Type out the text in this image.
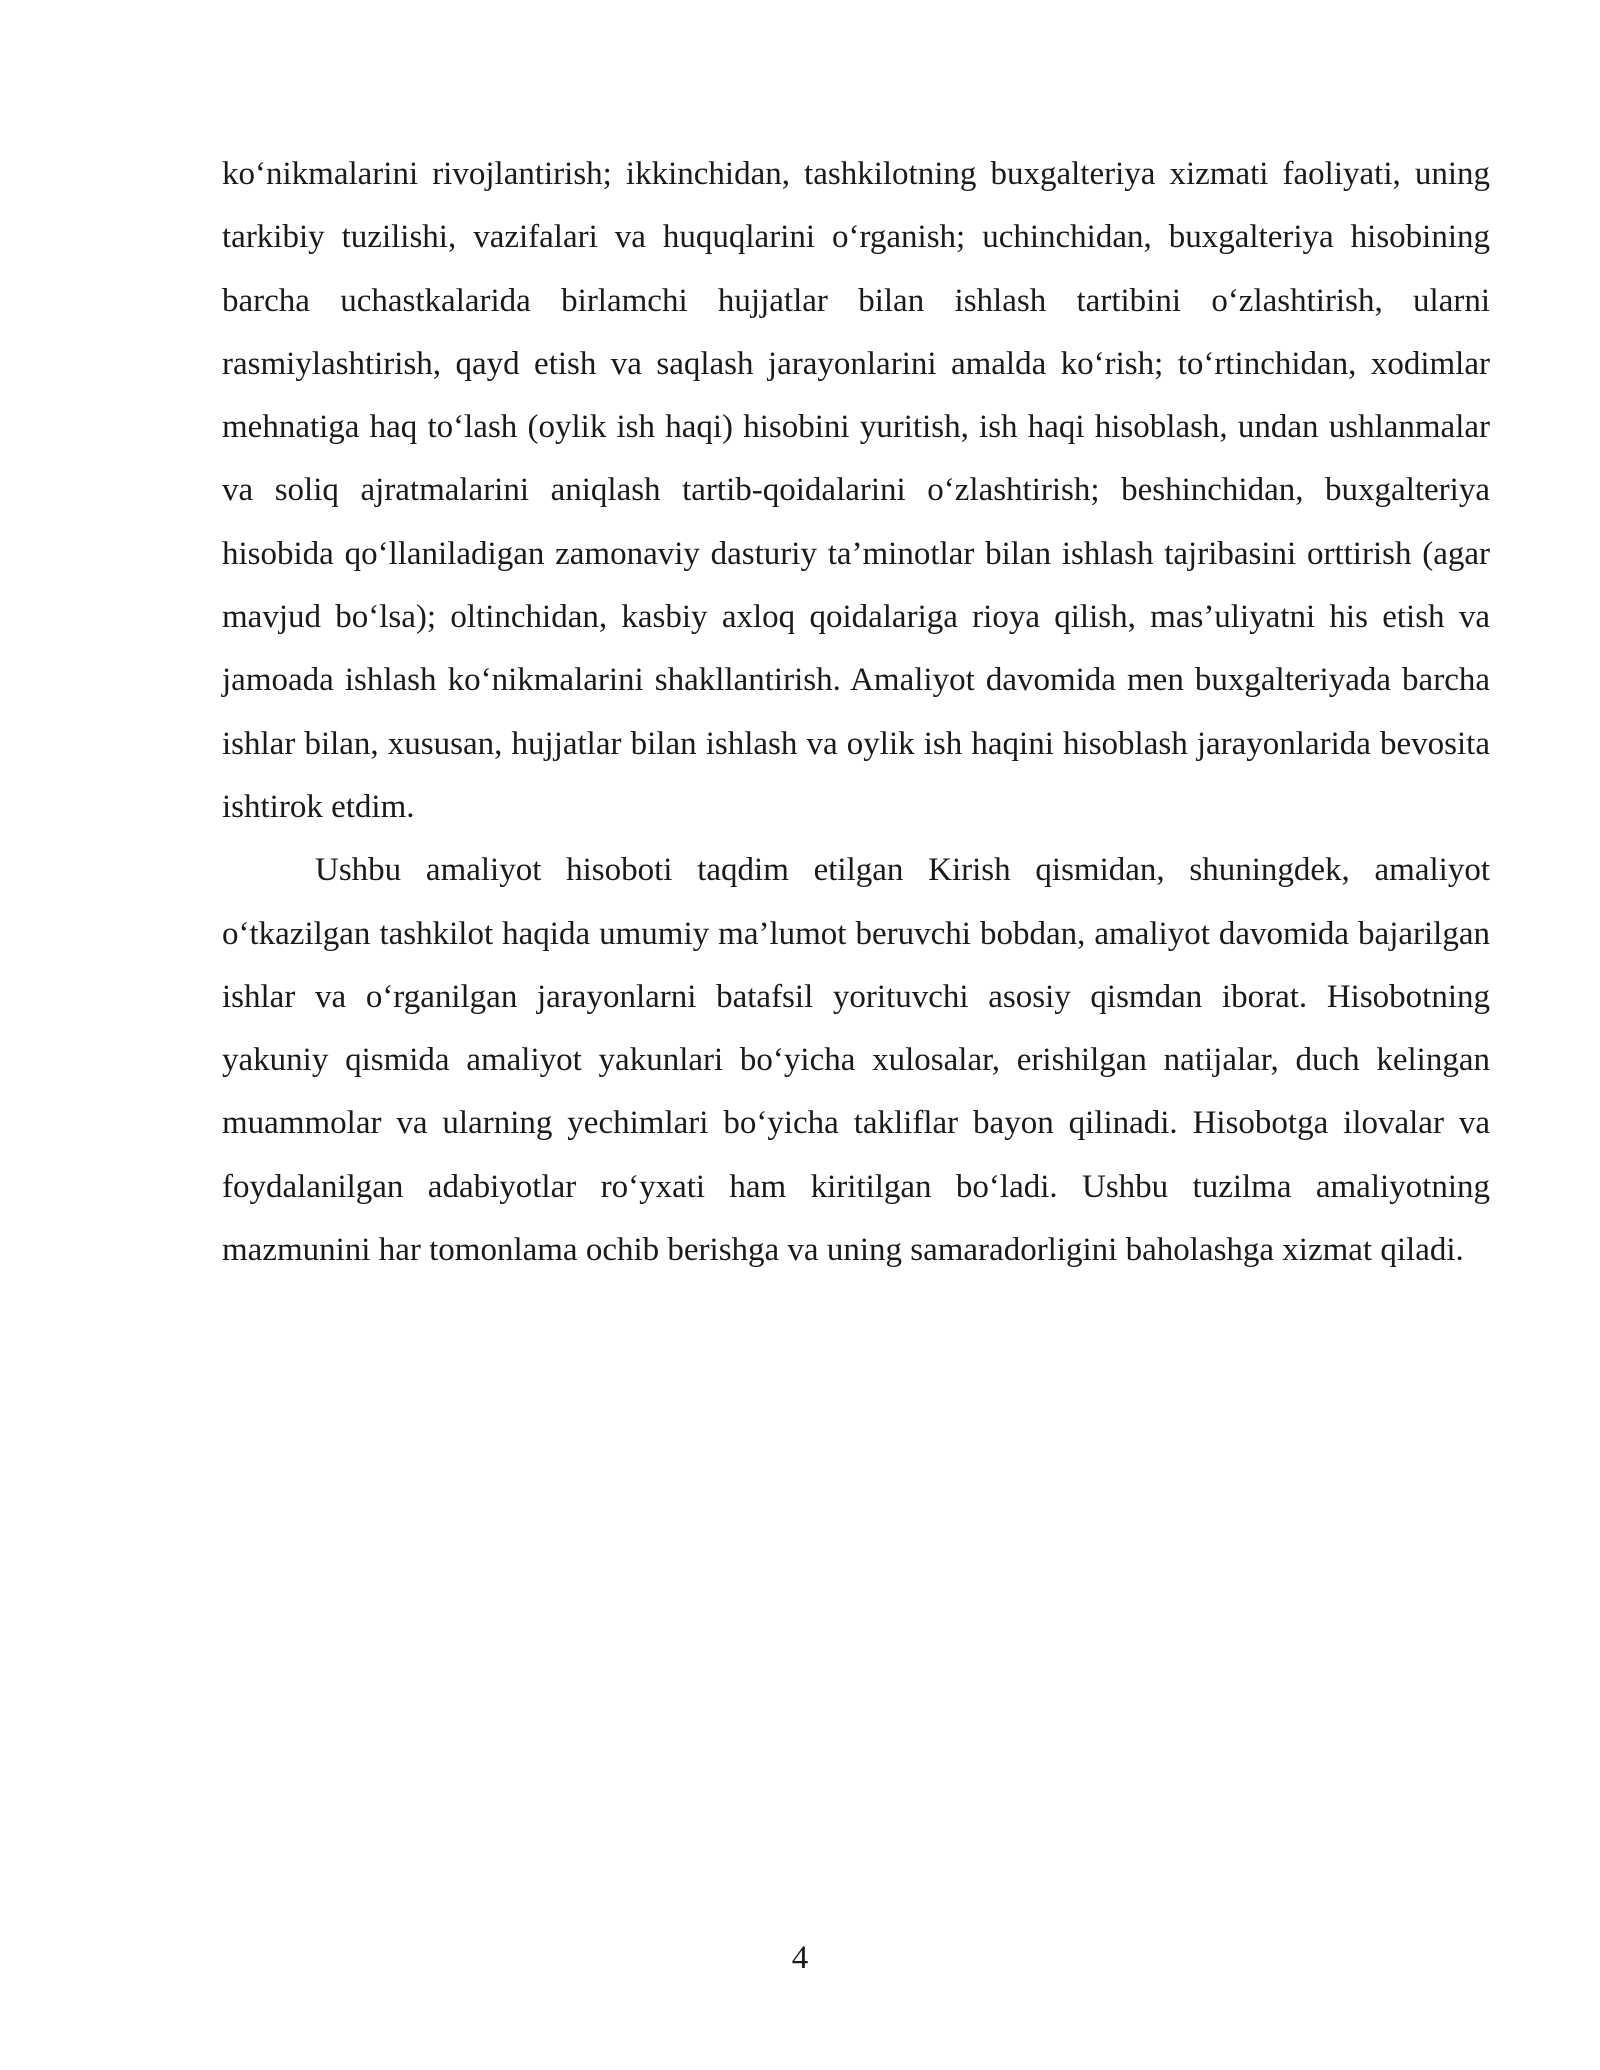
ko‘nikmalarini rivojlantirish; ikkinchidan, tashkilotning buxgalteriya xizmati faoliyati, uning tarkibiy tuzilishi, vazifalari va huquqlarini o‘rganish; uchinchidan, buxgalteriya hisobining barcha uchastkalarida birlamchi hujjatlar bilan ishlash tartibini o‘zlashtirish, ularni rasmiylashtirish, qayd etish va saqlash jarayonlarini amalda ko‘rish; to‘rtinchidan, xodimlar mehnatiga haq to‘lash (oylik ish haqi) hisobini yuritish, ish haqi hisoblash, undan ushlanmalar va soliq ajratmalarini aniqlash tartib-qoidalarini o‘zlashtirish; beshinchidan, buxgalteriya hisobida qo‘llaniladigan zamonaviy dasturiy ta’minotlar bilan ishlash tajribasini orttirish (agar mavjud bo‘lsa); oltinchidan, kasbiy axloq qoidalariga rioya qilish, mas’uliyatni his etish va jamoada ishlash ko‘nikmalarini shakllantirish. Amaliyot davomida men buxgalteriyada barcha ishlar bilan, xususan, hujjatlar bilan ishlash va oylik ish haqini hisoblash jarayonlarida bevosita ishtirok etdim.

Ushbu amaliyot hisoboti taqdim etilgan Kirish qismidan, shuningdek, amaliyot o‘tkazilgan tashkilot haqida umumiy ma’lumot beruvchi bobdan, amaliyot davomida bajarilgan ishlar va o‘rganilgan jarayonlarni batafsil yorituvchi asosiy qismdan iborat. Hisobotning yakuniy qismida amaliyot yakunlari bo‘yicha xulosalar, erishilgan natijalar, duch kelingan muammolar va ularning yechimlari bo‘yicha takliflar bayon qilinadi. Hisobotga ilovalar va foydalanilgan adabiyotlar ro‘yxati ham kiritilgan bo‘ladi. Ushbu tuzilma amaliyotning mazmunini har tomonlama ochib berishga va uning samaradorligini baholashga xizmat qiladi.

4
